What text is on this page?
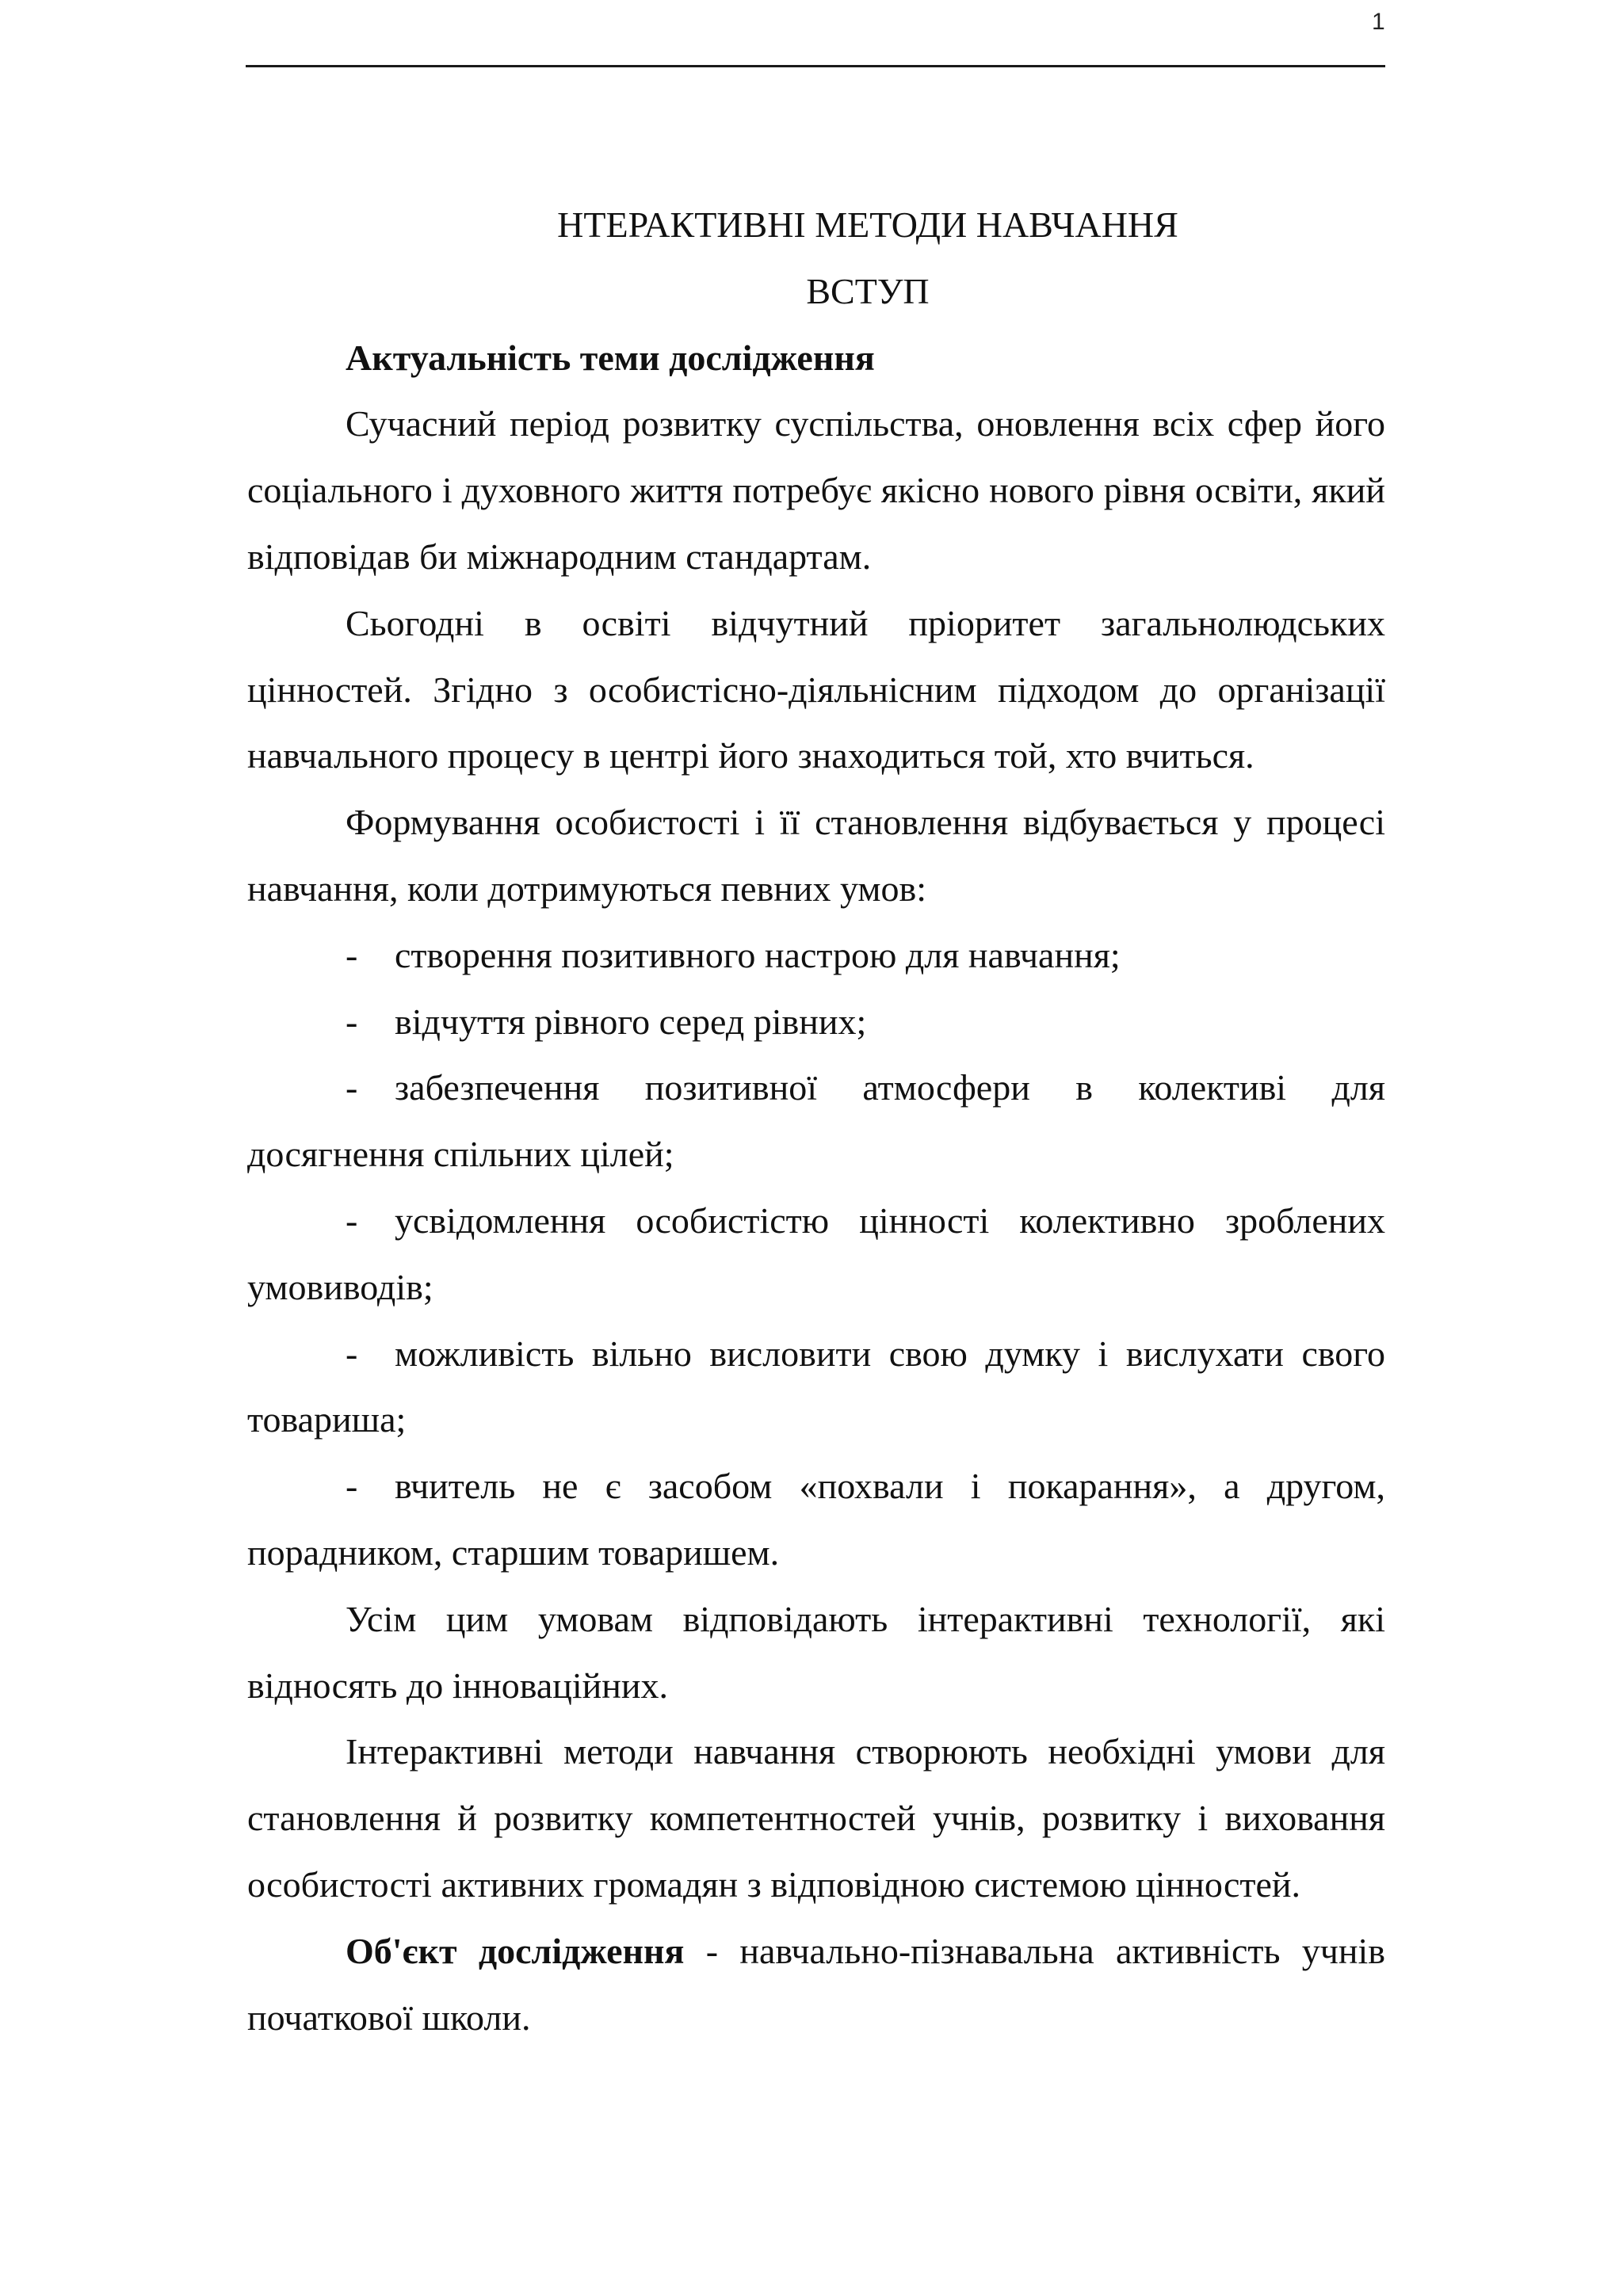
1

НТЕРАКТИВНІ МЕТОДИ НАВЧАННЯ

ВСТУП

Актуальність теми дослідження

Сучасний період розвитку суспільства, оновлення всіх сфер його соціального і духовного життя потребує якісно нового рівня освіти, який відповідав би міжнародним стандартам.

Сьогодні в освіті відчутний пріоритет загальнолюдських цінностей. Згідно з особистісно-діяльнісним підходом до організації навчального процесу в центрі його знаходиться той, хто вчиться.

Формування особистості і її становлення відбувається у процесі навчання, коли дотримуються певних умов:

- створення позитивного настрою для навчання;

- відчуття рівного серед рівних;

- забезпечення позитивної атмосфери в колективі для досягнення спільних цілей;

- усвідомлення особистістю цінності колективно зроблених умовиводів;

- можливість вільно висловити свою думку і вислухати свого товариша;

- вчитель не є засобом «похвали і покарання», а другом, порадником, старшим товаришем.

Усім цим умовам відповідають інтерактивні технології, які відносять до інноваційних.

Інтерактивні методи навчання створюють необхідні умови для становлення й розвитку компетентностей учнів, розвитку і виховання особистості активних громадян з відповідною системою цінностей.

Об'єкт дослідження - навчально-пізнавальна активність учнів початкової школи.
